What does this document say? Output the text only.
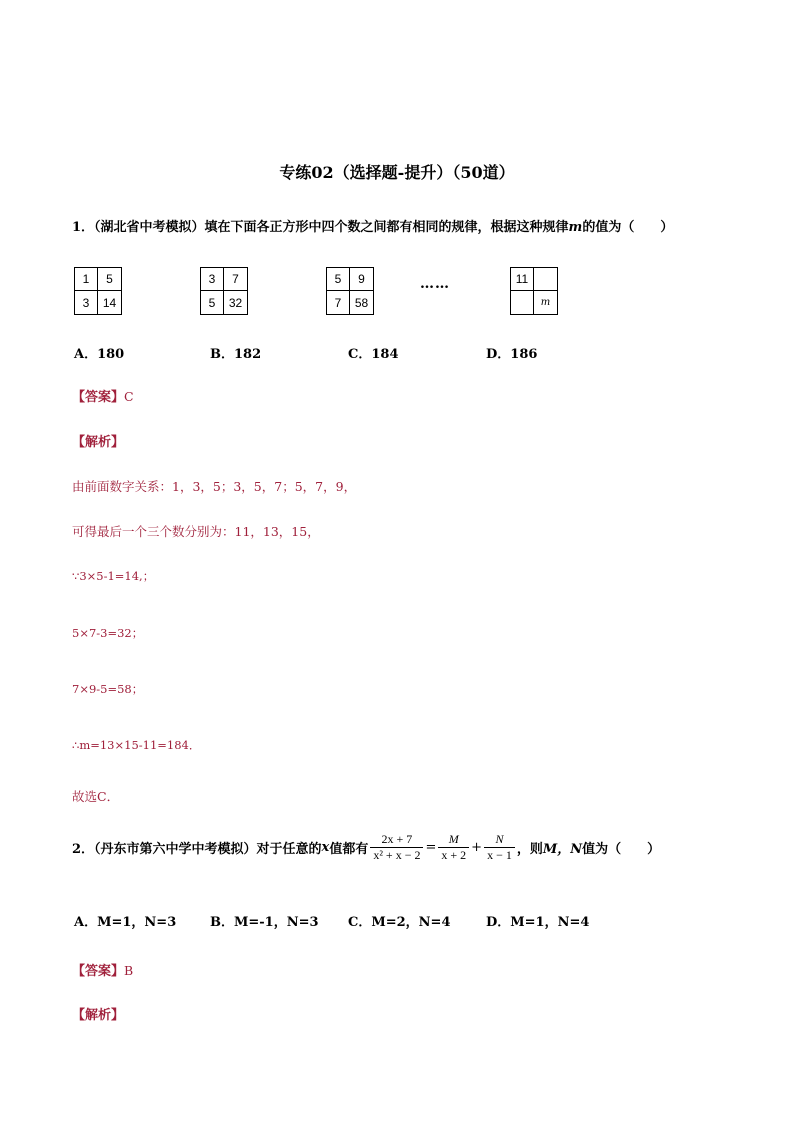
专练02（选择题-提升）（50道）
1．（湖北省中考模拟）填在下面各正方形中四个数之间都有相同的规律，根据这种规律m的值为（　　）
1	5
3	14
3	7
5	32
5	9
7	58
……	11
m
A．180	B．182	C．184	D．186
【答案】C
【解析】
由前面数字关系：1，3，5；3，5，7；5，7，9，
可得最后一个三个数分别为：11，13，15，
∵3×5-1=14,；
5×7-3=32；
7×9-5=58；
∴m=13×15-11=184．
故选C．
2．（丹东市第六中学中考模拟）对于任意的 x 值都有 $\frac{2x + 7}{\text{x² + x − 2}} = \frac{M}{x + 2} + \frac{N}{x - 1}$ ，则 M，N 值为（　　）
A．M=1，N=3	B．M=-1，N=3 C．M=2，N=4	D．M=1，N=4
【答案】B
【解析】
